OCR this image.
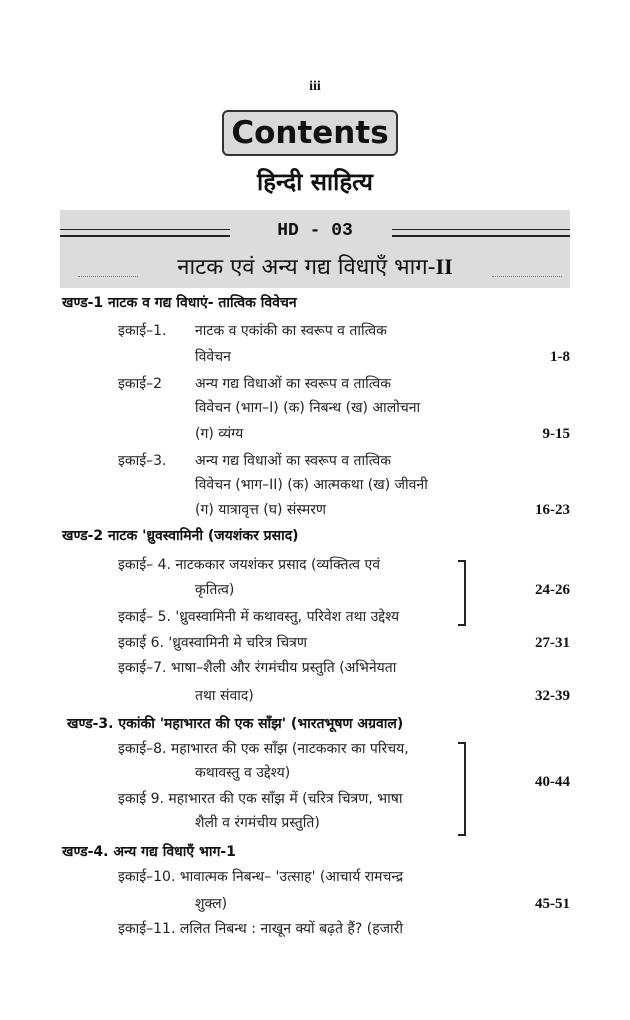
iii
Contents
हिन्दी साहित्य
HD - 03
नाटक एवं अन्य गद्य विधाएँ भाग-II
खण्ड-1 नाटक व गद्य विधाएं- तात्विक विवेचन
इकाई–1. नाटक व एकांकी का स्वरूप व तात्विक
विवेचन	1-8
इकाई–2 अन्य गद्य विधाओं का स्वरूप व तात्विक
विवेचन (भाग–I) (क) निबन्ध (ख) आलोचना
(ग) व्यंग्य	9-15
इकाई–3. अन्य गद्य विधाओं का स्वरूप व तात्विक
विवेचन (भाग–II) (क) आत्मकथा (ख) जीवनी
(ग) यात्रावृत्त (घ) संस्मरण	16-23
खण्ड-2 नाटक 'ध्रुवस्वामिनी (जयशंकर प्रसाद)
इकाई– 4. नाटककार जयशंकर प्रसाद (व्यक्तित्व एवं
कृतित्व)
इकाई– 5. 'ध्रुवस्वामिनी में कथावस्तु, परिवेश तथा उद्देश्य
24-26
इकाई 6. 'ध्रुवस्वामिनी मे चरित्र चित्रण	27-31
इकाई–7. भाषा–शैली और रंगमंचीय प्रस्तुति (अभिनेयता
तथा संवाद)	32-39
खण्ड-3. एकांकी 'महाभारत की एक साँझ' (भारतभूषण अग्रवाल)
इकाई–8. महाभारत की एक साँझ (नाटककार का परिचय,
कथावस्तु व उद्देश्य)
इकाई 9. महाभारत की एक साँझ में (चरित्र चित्रण, भाषा
शैली व रंगमंचीय प्रस्तुति)
40-44
खण्ड-4. अन्य गद्य विधाएँ भाग-1
इकाई–10. भावात्मक निबन्ध– 'उत्साह' (आचार्य रामचन्द्र
शुक्ल)	45-51
इकाई–11. ललित निबन्ध : नाखून क्यों बढ़ते हैं? (हजारी
